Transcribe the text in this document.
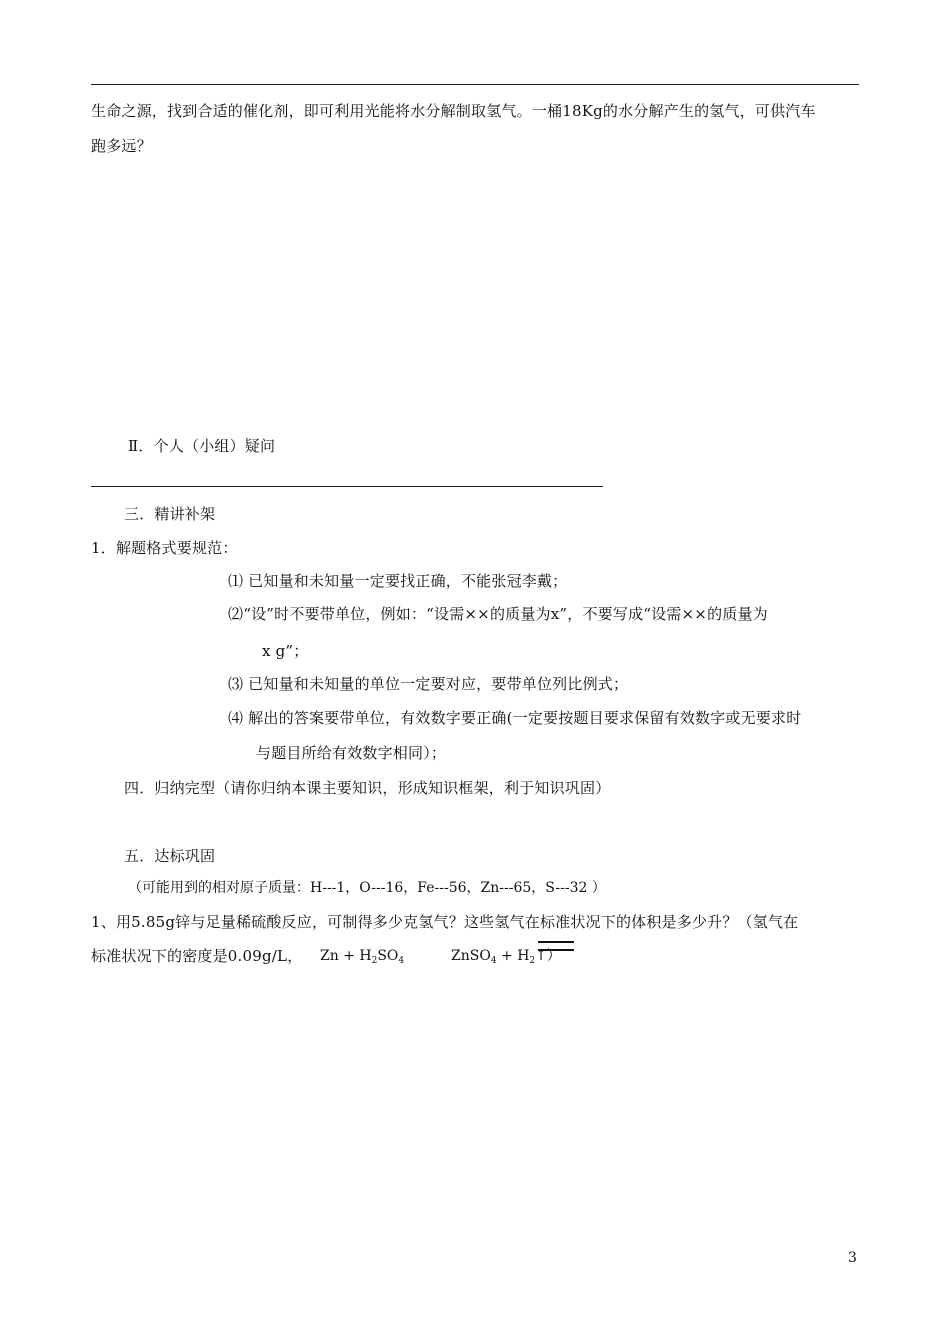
生命之源，找到合适的催化剂，即可利用光能将水分解制取氢气。一桶18Kg的水分解产生的氢气，可供汽车
跑多远？
Ⅱ．个人（小组）疑问
三．精讲补架
1．解题格式要规范：
⑴ 已知量和未知量一定要找正确，不能张冠李戴；
⑵“设”时不要带单位，例如：“设需××的质量为x”，不要写成“设需××的质量为
x g”；
⑶ 已知量和未知量的单位一定要对应，要带单位列比例式；
⑷ 解出的答案要带单位，有效数字要正确(一定要按题目要求保留有效数字或无要求时
与题目所给有效数字相同）；
四．归纳完型（请你归纳本课主要知识，形成知识框架，利于知识巩固）
五．达标巩固
（可能用到的相对原子质量：H---1，O---16，Fe---56，Zn---65，S---32 ）
1、用5.85g锌与足量稀硫酸反应，可制得多少克氢气？这些氢气在标准状况下的体积是多少升？（氢气在
标准状况下的密度是0.09g/L， $Zn + H_2SO_4$	ZnSO$_4$ + $H_2↑$）
3
